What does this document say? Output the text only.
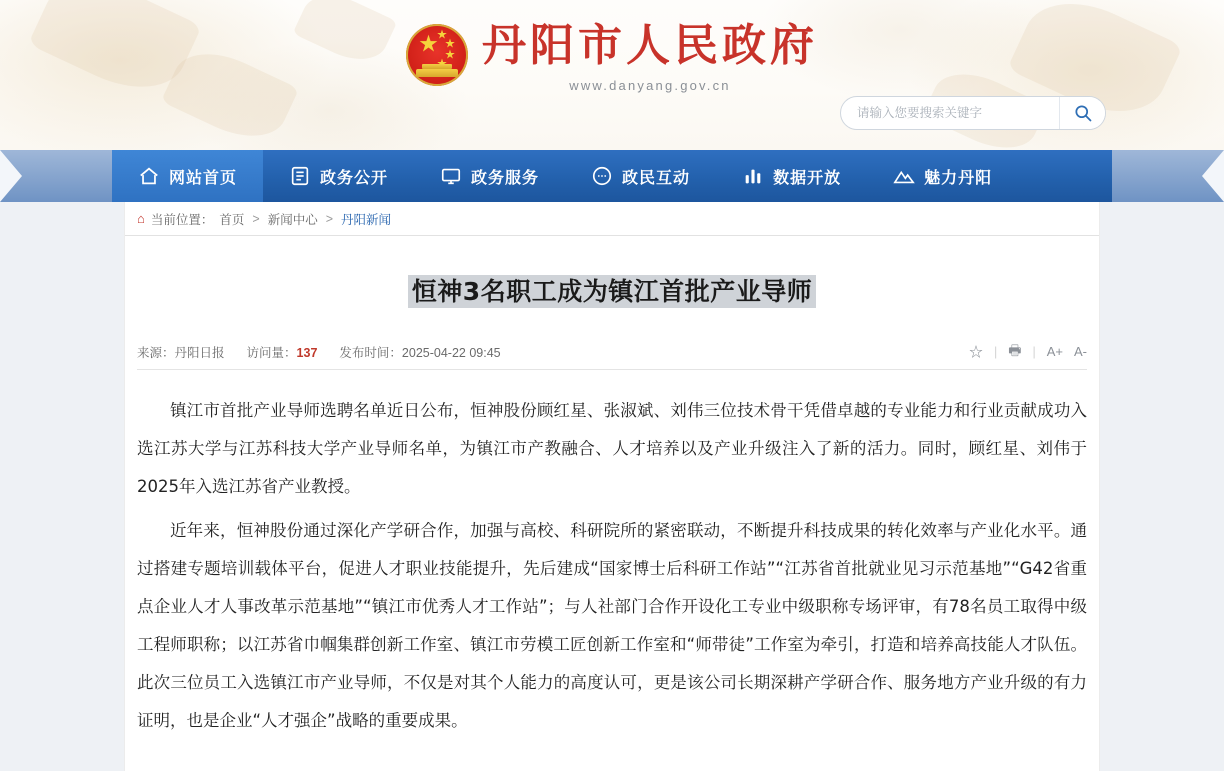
★
★
★
★ 丹阳市人民政府
www.danyang.gov.cn
请输入您要搜索关键字
网站首页	政务公开	政务服务	政民互动	数据开放	魅力丹阳
⌂ 当前位置： 首页 > 新闻中心 > 丹阳新闻
恒神3名职工成为镇江首批产业导师
来源：丹阳日报 访问量：137 发布时间：2025-04-22 09:45	☆ | 🖶 | A+ A-

镇江市首批产业导师选聘名单近日公布，恒神股份顾红星、张淑斌、刘伟三位技术骨干凭借卓越的专业能力和行业贡献成功入选江苏大学与江苏科技大学产业导师名单，为镇江市产教融合、人才培养以及产业升级注入了新的活力。同时，顾红星、刘伟于2025年入选江苏省产业教授。

近年来，恒神股份通过深化产学研合作，加强与高校、科研院所的紧密联动，不断提升科技成果的转化效率与产业化水平。通过搭建专题培训载体平台，促进人才职业技能提升，先后建成“国家博士后科研工作站”“江苏省首批就业见习示范基地”“G42省重点企业人才人事改革示范基地”“镇江市优秀人才工作站”；与人社部门合作开设化工专业中级职称专场评审，有78名员工取得中级工程师职称；以江苏省巾帼集群创新工作室、镇江市劳模工匠创新工作室和“师带徒”工作室为牵引，打造和培养高技能人才队伍。此次三位员工入选镇江市产业导师，不仅是对其个人能力的高度认可，更是该公司长期深耕产学研合作、服务地方产业升级的有力证明，也是企业“人才强企”战略的重要成果。
